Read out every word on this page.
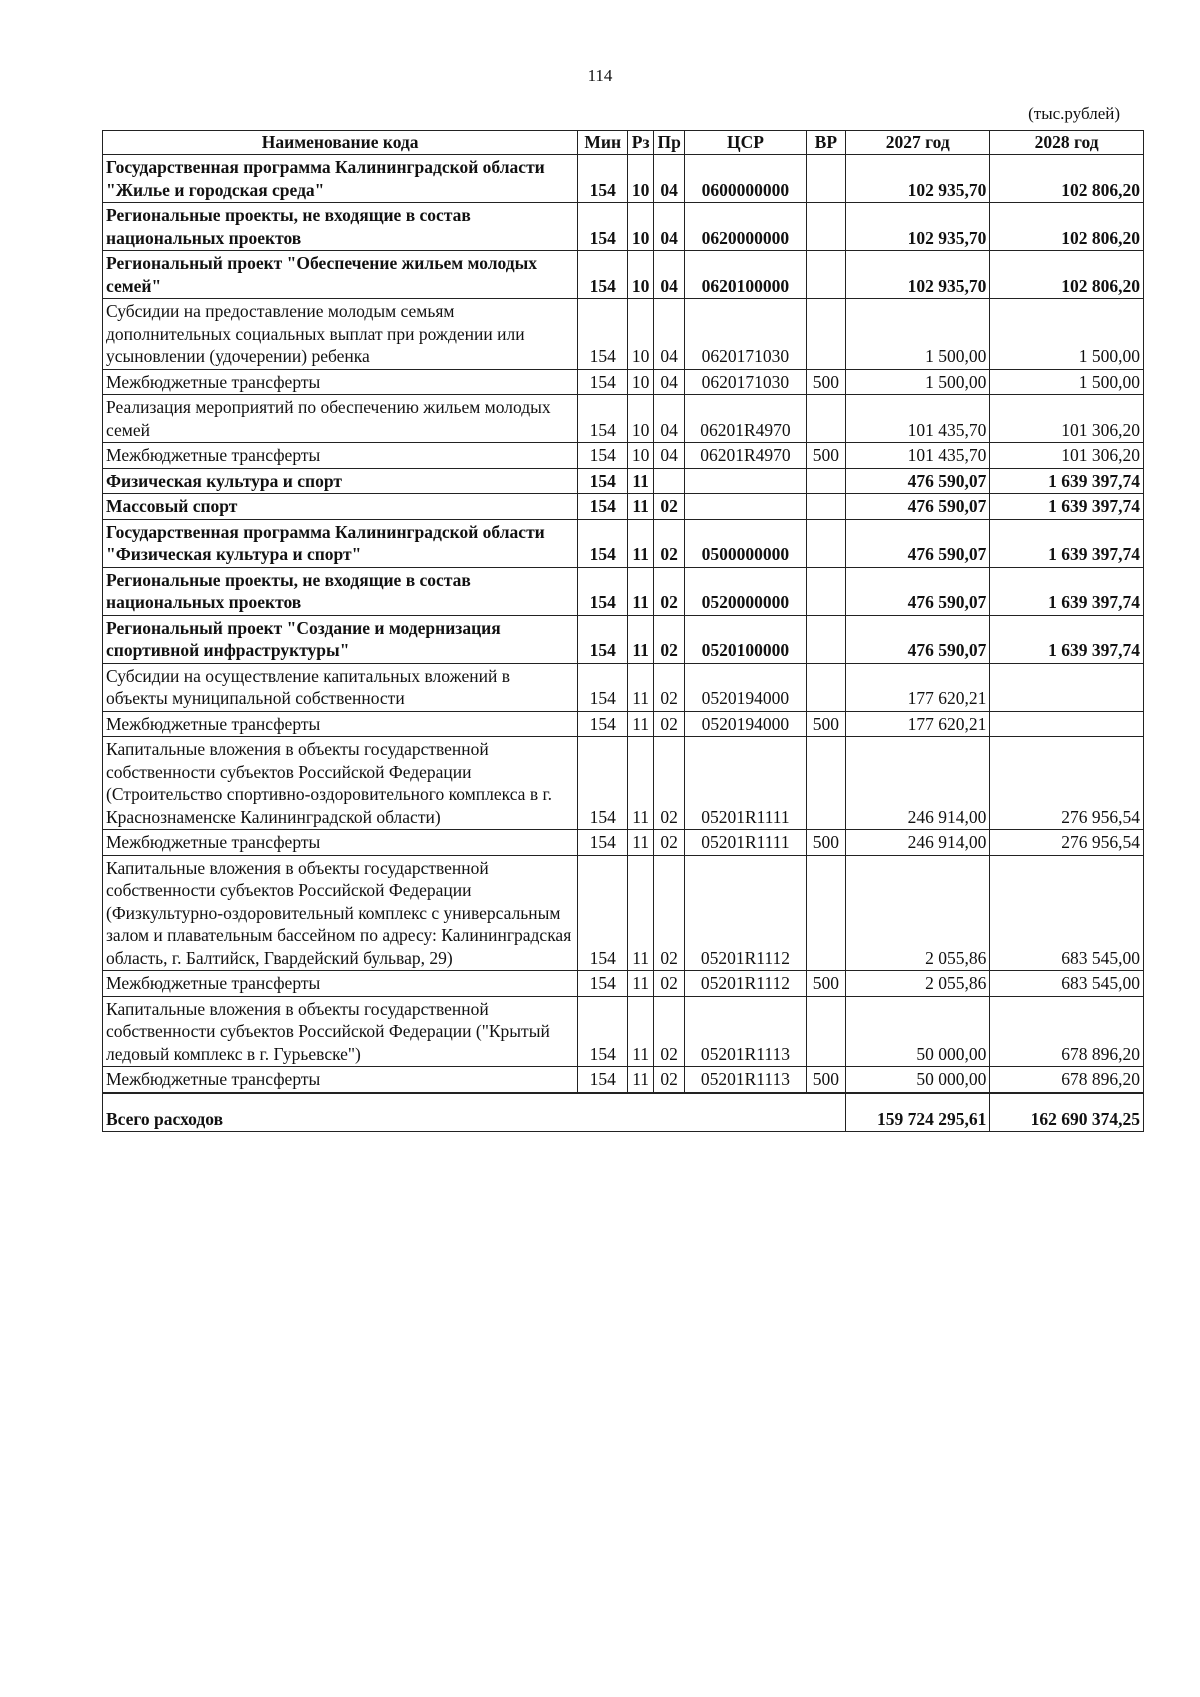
114
(тыс.рублей)
Наименование кода	Мин	Рз	Пр	ЦСР	ВР	2027 год	2028 год
Государственная программа Калининградской области "Жилье и городская среда"	154	10	04	0600000000		102 935,70	102 806,20
Региональные проекты, не входящие в состав национальных проектов	154	10	04	0620000000		102 935,70	102 806,20
Региональный проект "Обеспечение жильем молодых семей"	154	10	04	0620100000		102 935,70	102 806,20
Субсидии на предоставление молодым семьям дополнительных социальных выплат при рождении или усыновлении (удочерении) ребенка	154	10	04	0620171030		1 500,00	1 500,00
Межбюджетные трансферты	154	10	04	0620171030	500	1 500,00	1 500,00
Реализация мероприятий по обеспечению жильем молодых семей	154	10	04	06201R4970		101 435,70	101 306,20
Межбюджетные трансферты	154	10	04	06201R4970	500	101 435,70	101 306,20
Физическая культура и спорт	154	11				476 590,07	1 639 397,74
Массовый спорт	154	11	02			476 590,07	1 639 397,74
Государственная программа Калининградской области "Физическая культура и спорт"	154	11	02	0500000000		476 590,07	1 639 397,74
Региональные проекты, не входящие в состав национальных проектов	154	11	02	0520000000		476 590,07	1 639 397,74
Региональный проект "Создание и модернизация спортивной инфраструктуры"	154	11	02	0520100000		476 590,07	1 639 397,74
Субсидии на осуществление капитальных вложений в объекты муниципальной собственности	154	11	02	0520194000		177 620,21	
Межбюджетные трансферты	154	11	02	0520194000	500	177 620,21	
Капитальные вложения в объекты государственной собственности субъектов Российской Федерации (Строительство спортивно-оздоровительного комплекса в г. Краснознаменске Калининградской области)	154	11	02	05201R1111		246 914,00	276 956,54
Межбюджетные трансферты	154	11	02	05201R1111	500	246 914,00	276 956,54
Капитальные вложения в объекты государственной собственности субъектов Российской Федерации (Физкультурно-оздоровительный комплекс с универсальным залом и плавательным бассейном по адресу: Калининградская область, г. Балтийск, Гвардейский бульвар, 29)	154	11	02	05201R1112		2 055,86	683 545,00
Межбюджетные трансферты	154	11	02	05201R1112	500	2 055,86	683 545,00
Капитальные вложения в объекты государственной собственности субъектов Российской Федерации ("Крытый ледовый комплекс в г. Гурьевске")	154	11	02	05201R1113		50 000,00	678 896,20
Межбюджетные трансферты	154	11	02	05201R1113	500	50 000,00	678 896,20
Всего расходов						159 724 295,61	162 690 374,25
